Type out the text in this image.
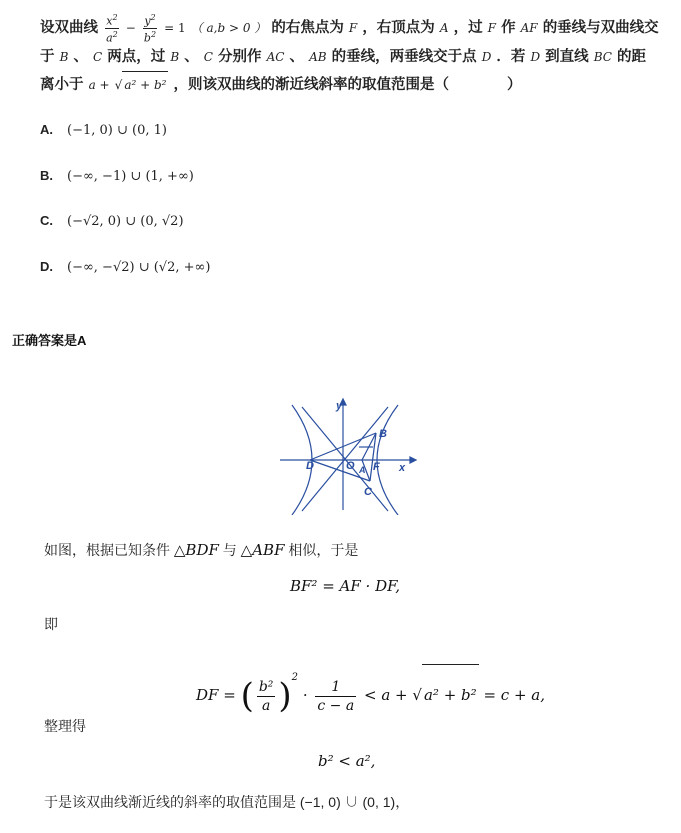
设双曲线 $\frac{x^2}{a^2} - \frac{y^2}{b^2} = 1$ （ a,b > 0 ） 的右焦点为 F ，右顶点为 A ，过 F 作 AF 的垂线与双曲线交于 B 、 C 两点，过 B 、 C 分别作 AC 、 AB 的垂线，两垂线交于点 D ．若 D 到直线 BC 的距离小于 a + √ a² + b² ，则该双曲线的渐近线斜率的取值范围是（　　　　）
A. (−1, 0) ∪ (0, 1)
B. (−∞, −1) ∪ (1, +∞)
C. (−√2, 0) ∪ (0, √2)
D. (−∞, −√2) ∪ (√2, +∞)
正确答案是A
y
x
B
D	O F
A
C
如图，根据已知条件 △BDF 与 △ABF 相似，于是
BF² = AF · DF,
即
DF = ( $\frac{\text{b²}}{a} )^2 \cdot \frac{1}{c - a} < a$ + √ a² + b² = c + a,
整理得
b² < a²,
于是该双曲线渐近线的斜率的取值范围是 (−1, 0) ∪ (0, 1)，
